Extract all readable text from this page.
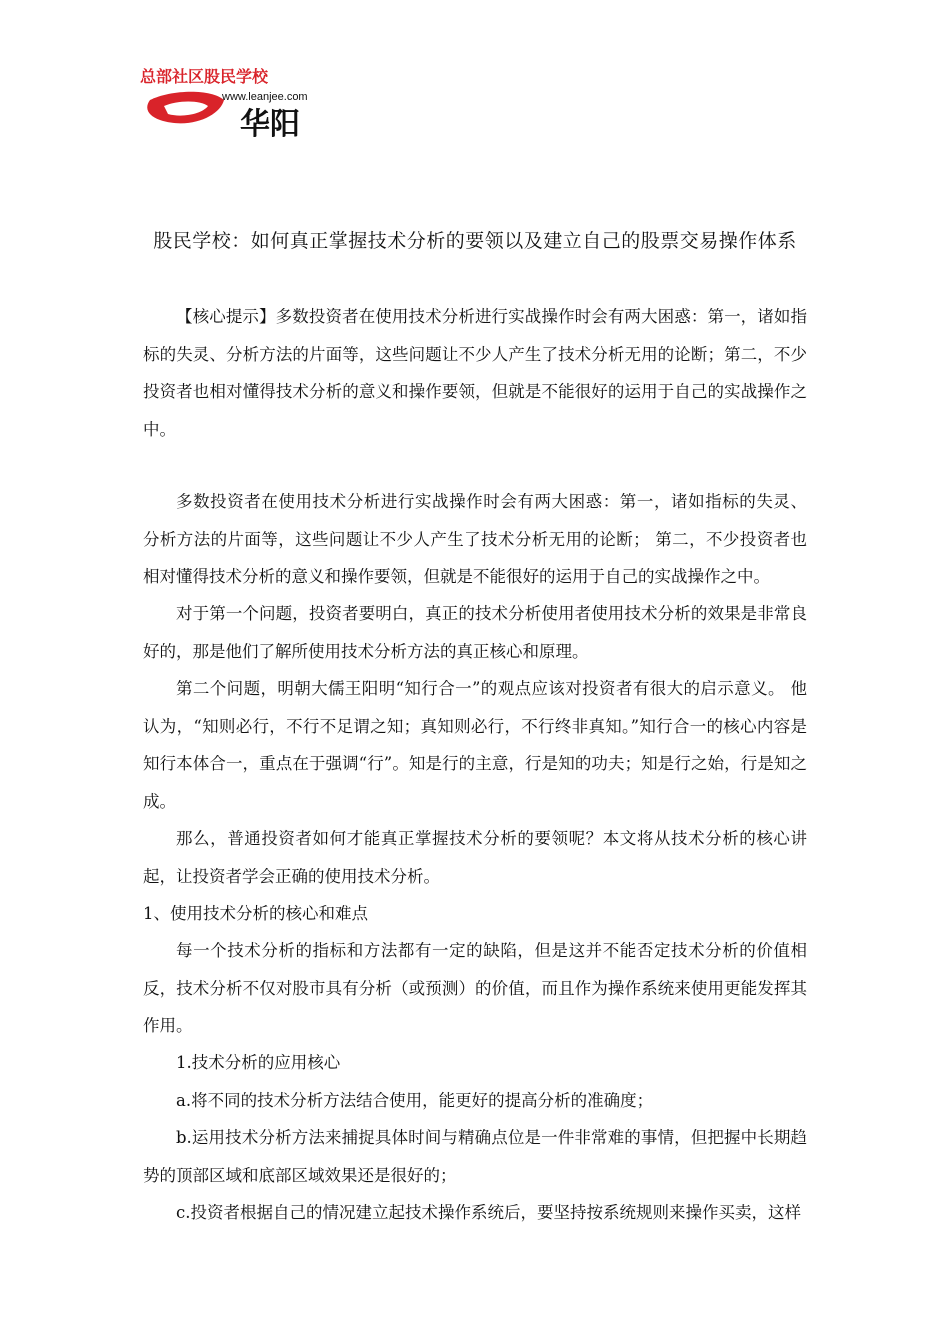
总部社区股民学校
www.leanjee.com
华阳
股民学校：如何真正掌握技术分析的要领以及建立自己的股票交易操作体系

【核心提示】多数投资者在使用技术分析进行实战操作时会有两大困惑：第一，诸如指标的失灵、分析方法的片面等，这些问题让不少人产生了技术分析无用的论断；第二，不少投资者也相对懂得技术分析的意义和操作要领，但就是不能很好的运用于自己的实战操作之中。

多数投资者在使用技术分析进行实战操作时会有两大困惑：第一，诸如指标的失灵、 分析方法的片面等，这些问题让不少人产生了技术分析无用的论断； 第二，不少投资者也相对懂得技术分析的意义和操作要领，但就是不能很好的运用于自己的实战操作之中。

对于第一个问题，投资者要明白，真正的技术分析使用者使用技术分析的效果是非常良好的，那是他们了解所使用技术分析方法的真正核心和原理。

第二个问题，明朝大儒王阳明“知行合一”的观点应该对投资者有很大的启示意义。 他认为，“知则必行，不行不足谓之知；真知则必行，不行终非真知。”知行合一的核心内容是知行本体合一，重点在于强调“行”。知是行的主意，行是知的功夫；知是行之始，行是知之成。

那么，普通投资者如何才能真正掌握技术分析的要领呢？本文将从技术分析的核心讲起，让投资者学会正确的使用技术分析。

1、使用技术分析的核心和难点

每一个技术分析的指标和方法都有一定的缺陷，但是这并不能否定技术分析的价值相反，技术分析不仅对股市具有分析（或预测）的价值，而且作为操作系统来使用更能发挥其作用。

1.技术分析的应用核心

a.将不同的技术分析方法结合使用，能更好的提高分析的准确度；

b.运用技术分析方法来捕捉具体时间与精确点位是一件非常难的事情，但把握中长期趋势的顶部区域和底部区域效果还是很好的；

c.投资者根据自己的情况建立起技术操作系统后，要坚持按系统规则来操作买卖，这样
